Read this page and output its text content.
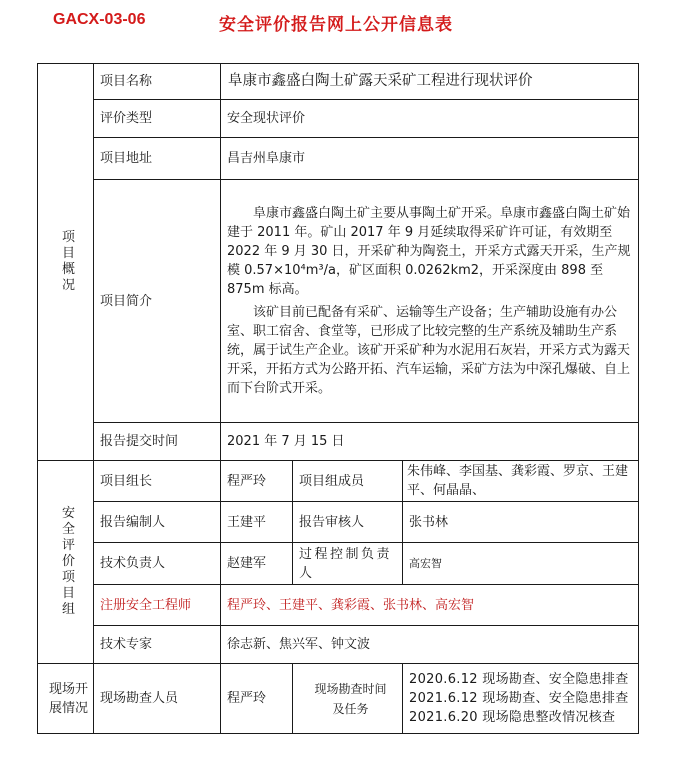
GACX-03-06	安全评价报告网上公开信息表
项目概况	项目名称	阜康市鑫盛白陶土矿露天采矿工程进行现状评价		
	评价类型	安全现状评价		
	项目地址	昌吉州阜康市		
	项目简介	阜康市鑫盛白陶土矿主要从事陶土矿开采。阜康市鑫盛白陶土矿始建于 2011 年。矿山 2017 年 9 月延续取得采矿许可证，有效期至 2022 年 9 月 30 日，开采矿种为陶瓷土，开采方式露天开采，生产规模 0.57×10⁴m³/a，矿区面积 0.0262km2，开采深度由 898 至 875m 标高。

该矿目前已配备有采矿、运输等生产设备；生产辅助设施有办公室、职工宿舍、食堂等，已形成了比较完整的生产系统及辅助生产系统，属于试生产企业。该矿开采矿种为水泥用石灰岩，开采方式为露天开采，开拓方式为公路开拓、汽车运输，采矿方法为中深孔爆破、自上而下台阶式开采。		

	报告提交时间	2021 年 7 月 15 日		
安全评价项目组	项目组长	程严玲	项目组成员	朱伟峰、李国基、龚彩霞、罗京、王建平、何晶晶、
	报告编制人	王建平	报告审核人	张书林
	技术负责人	赵建军	过程控制负责人	高宏智
	注册安全工程师	程严玲、王建平、龚彩霞、张书林、高宏智		
	技术专家	徐志新、焦兴军、钟文波		
现场开展情况	现场勘查人员	程严玲	现场勘查时间及任务	2020.6.12 现场勘查、安全隐患排查
2021.6.12 现场勘查、安全隐患排查
2021.6.20 现场隐患整改情况核查
